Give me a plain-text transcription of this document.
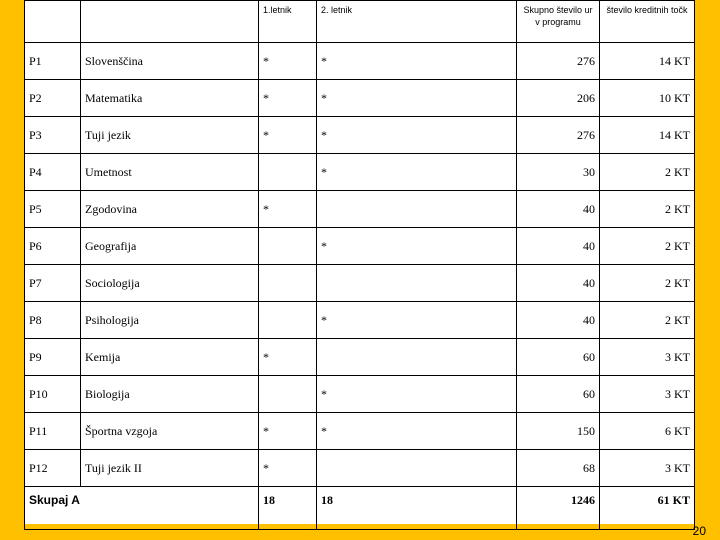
		1.letnik	2. letnik	Skupno število ur v programu	število kreditnih točk
P1	Slovenščina	*	*	276	14 KT
P2	Matematika	*	*	206	10 KT
P3	Tuji jezik	*	*	276	14 KT
P4	Umetnost		*	30	2 KT
P5	Zgodovina	*		40	2 KT
P6	Geografija		*	40	2 KT
P7	Sociologija			40	2 KT
P8	Psihologija		*	40	2 KT
P9	Kemija	*		60	3 KT
P10	Biologija		*	60	3 KT
P11	Športna vzgoja	*	*	150	6 KT
P12	Tuji jezik II	*		68	3 KT
Skupaj A		18	18	1246	61 KT
20
